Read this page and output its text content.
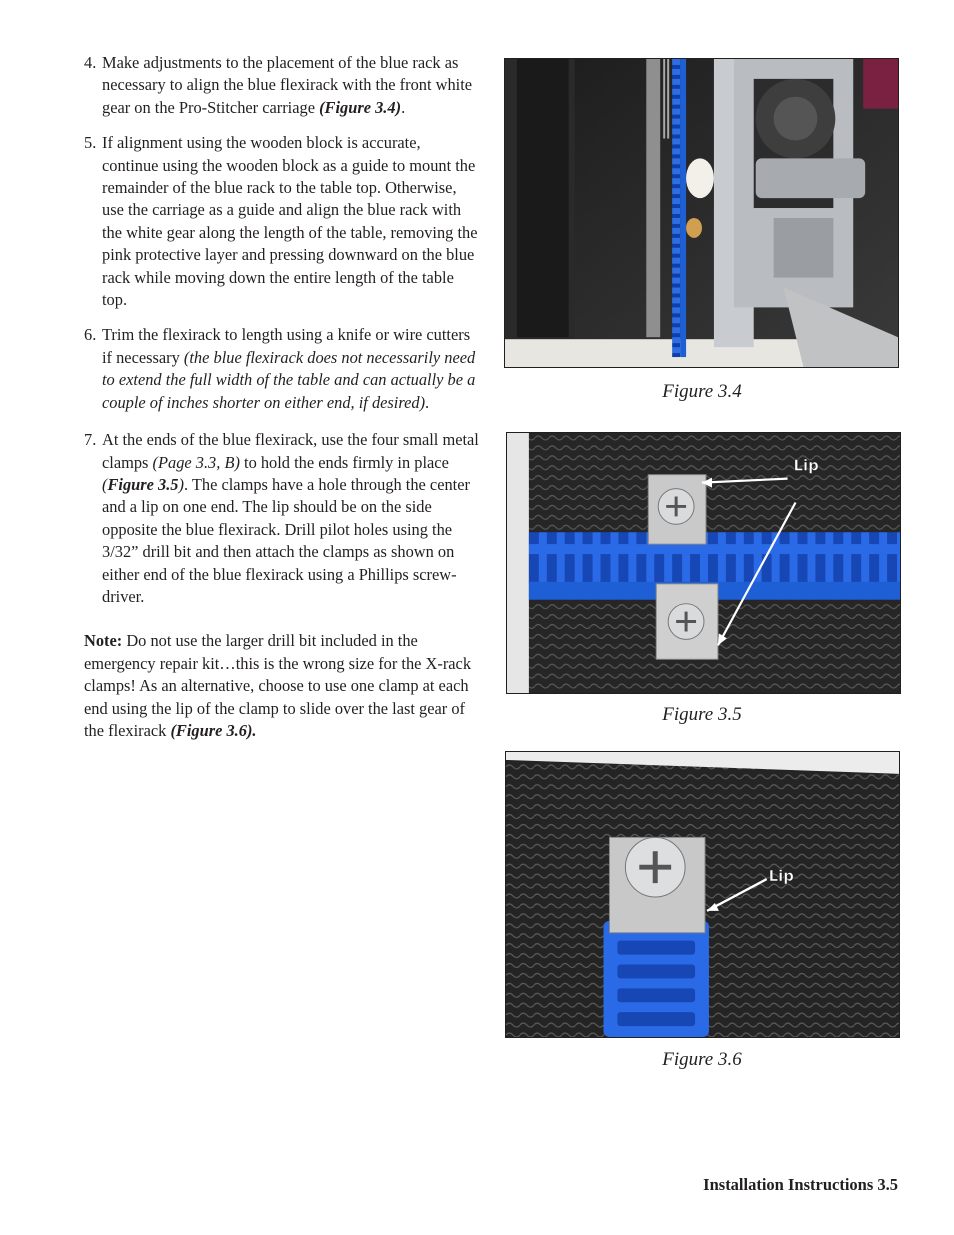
4. Make adjustments to the placement of the blue rack as necessary to align the blue flexirack with the front white gear on the Pro-Stitcher carriage (Figure 3.4).
5. If alignment using the wooden block is accurate, continue using the wooden block as a guide to mount the remainder of the blue rack to the table top. Otherwise, use the carriage as a guide and align the blue rack with the white gear along the length of the table, removing the pink protective layer and pressing downward on the blue rack while moving down the entire length of the table top.
6. Trim the flexirack to length using a knife or wire cutters if necessary (the blue flexirack does not necessarily need to extend the full width of the table and can actually be a couple of inches shorter on either end, if desired).
7. At the ends of the blue flexirack, use the four small metal clamps (Page 3.3, B) to hold the ends firmly in place (Figure 3.5). The clamps have a hole through the center and a lip on one end. The lip should be on the side opposite the blue flexirack. Drill pilot holes using the 3/32” drill bit and then attach the clamps as shown on either end of the blue flexirack using a Phillips screw-driver.

Note: Do not use the larger drill bit included in the emergency repair kit…this is the wrong size for the X-rack clamps! As an alternative, choose to use one clamp at each end using the lip of the clamp to slide over the last gear of the flexirack (Figure 3.6).

Figure 3.4
Lip
Figure 3.5
Lip
Figure 3.6
Installation Instructions 3.5
